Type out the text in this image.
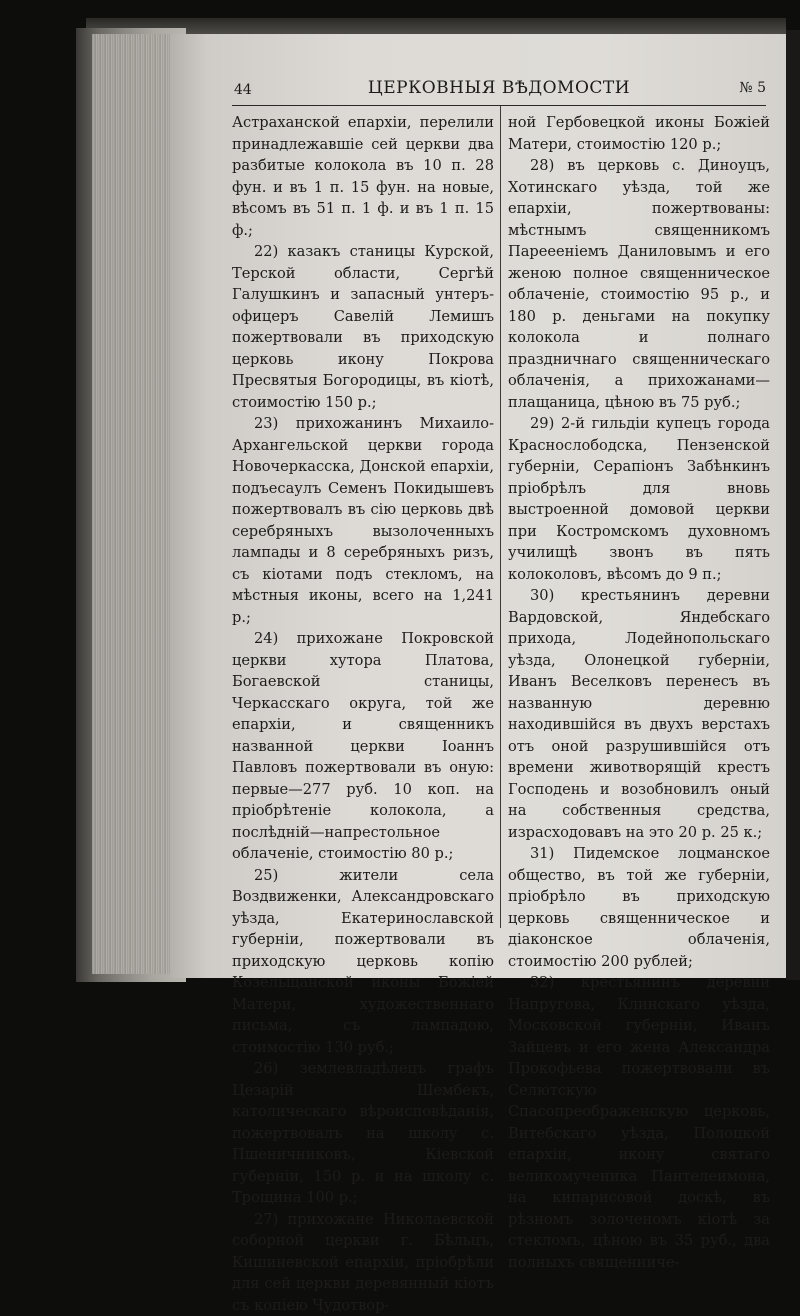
44	ЦЕРКОВНЫЯ ВѢДОМОСТИ	№ 5

Астраханской епархіи, перелили принадлежавшіе сей церкви два разбитые колокола въ 10 п. 28 фун. и въ 1 п. 15 фун. на новые, вѣсомъ въ 51 п. 1 ф. и въ 1 п. 15 ф.;

22) казакъ станицы Курской, Терской области, Сергѣй Галушкинъ и запасный унтеръ-офицеръ Савелій Лемишъ пожертвовали въ приходскую церковь икону Покрова Пресвятыя Богородицы, въ кіотѣ, стоимостію 150 р.;

23) прихожанинъ Михаило-Архангельской церкви города Новочеркасска, Донской епархіи, подъесаулъ Семенъ Покидышевъ пожертвовалъ въ сію церковь двѣ серебряныхъ вызолоченныхъ лампады и 8 серебряныхъ ризъ, съ кіотами подъ стекломъ, на мѣстныя иконы, всего на 1,241 р.;

24) прихожане Покровской церкви хутора Платова, Богаевской станицы, Черкасскаго округа, той же епархіи, и священникъ названной церкви Іоаннъ Павловъ пожертвовали въ оную: первые—277 руб. 10 коп. на пріобрѣтеніе колокола, а послѣдній—напрестольное облаченіе, стоимостію 80 р.;

25) жители села Воздвиженки, Александровскаго уѣзда, Екатеринославской губерніи, пожертвовали въ приходскую церковь копію Козельщанской иконы Божіей Матери, художественнаго письма, съ лампадою, стоимостію 130 руб.;

26) землевладѣлецъ графъ Цезарій Шембекъ, католическаго вѣроисповѣданія, пожертвовалъ на школу с. Пшеничниковъ, Кіевской губерніи, 150 р. и на школу с. Трощина 100 р.;

27) прихожане Николаевской соборной церкви г. Бѣльцъ, Кишиневской епархіи, пріобрѣли для сей церкви деревянный кіотъ съ копіею Чудотвор-

ной Гербовецкой иконы Божіей Матери, стоимостію 120 р.;

28) въ церковь с. Диноуцъ, Хотинскаго уѣзда, той же епархіи, пожертвованы: мѣстнымъ священникомъ Пареееніемъ Даниловымъ и его женою полное священническое облаченіе, стоимостію 95 р., и 180 р. деньгами на покупку колокола и полнаго праздничнаго священническаго облаченія, а прихожанами—плащаница, цѣною въ 75 руб.;

29) 2-й гильдіи купецъ города Краснослободска, Пензенской губерніи, Серапіонъ Забѣнкинъ пріобрѣлъ для вновь выстроенной домовой церкви при Костромскомъ духовномъ училищѣ звонъ въ пять колоколовъ, вѣсомъ до 9 п.;

30) крестьянинъ деревни Вардовской, Яндебскаго прихода, Лодейнопольскаго уѣзда, Олонецкой губерніи, Иванъ Веселковъ перенесъ въ названную деревню находившійся въ двухъ верстахъ отъ оной разрушившійся отъ времени животворящій крестъ Господень и возобновилъ оный на собственныя средства, израсходовавъ на это 20 р. 25 к.;

31) Пидемское лоцманское общество, въ той же губерніи, пріобрѣло въ приходскую церковь священническое и діаконское облаченія, стоимостію 200 рублей;

32) крестьянинъ деревни Напругова, Клинскаго уѣзда, Московской губерніи, Иванъ Зайцевъ и его жена Александра Прокофьева пожертвовали въ Селютскую Спасопреображенскую церковь, Витебскаго уѣзда, Полоцкой епархіи, икону святаго великомученика Пантелеимона, на кипарисовой доскѣ, въ рѣзномъ золоченомъ кіотѣ за стекломъ, цѣною въ 35 руб., два полныхъ священниче-
